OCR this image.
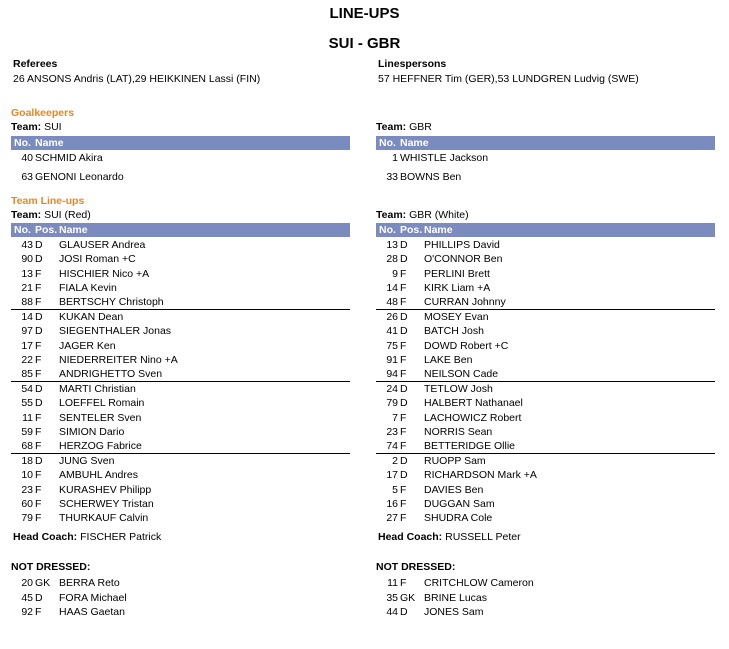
LINE-UPS
SUI - GBR
Referees
26 ANSONS Andris (LAT),29 HEIKKINEN Lassi (FIN)
Linespersons
57 HEFFNER Tim (GER),53 LUNDGREN Ludvig (SWE)
Goalkeepers
Team: SUI	Team: GBR
No. Name	No. Name
40 SCHMID Akira
63 GENONI Leonardo
1 WHISTLE Jackson
33 BOWNS Ben
Team Line-ups
Team: SUI (Red)	Team: GBR (White)
No. Pos. Name	No. Pos. Name
43 D GLAUSER Andrea
90 D JOSI Roman +C
13 F HISCHIER Nico +A
21 F FIALA Kevin
88 F BERTSCHY Christoph
14 D KUKAN Dean
97 D SIEGENTHALER Jonas
17 F JAGER Ken
22 F NIEDERREITER Nino +A
85 F ANDRIGHETTO Sven
54 D MARTI Christian
55 D LOEFFEL Romain
11 F SENTELER Sven
59 F SIMION Dario
68 F HERZOG Fabrice
18 D JUNG Sven
10 F AMBUHL Andres
23 F KURASHEV Philipp
60 F SCHERWEY Tristan
79 F THURKAUF Calvin
13 D PHILLIPS David
28 D O'CONNOR Ben
9 F PERLINI Brett
14 F KIRK Liam +A
48 F CURRAN Johnny
26 D MOSEY Evan
41 D BATCH Josh
75 F DOWD Robert +C
91 F LAKE Ben
94 F NEILSON Cade
24 D TETLOW Josh
79 D HALBERT Nathanael
7 F LACHOWICZ Robert
23 F NORRIS Sean
74 F BETTERIDGE Ollie
2 D RUOPP Sam
17 D RICHARDSON Mark +A
5 F DAVIES Ben
16 F DUGGAN Sam
27 F SHUDRA Cole
Head Coach: FISCHER Patrick	Head Coach: RUSSELL Peter
NOT DRESSED:	NOT DRESSED:
20 GK BERRA Reto
45 D FORA Michael
92 F HAAS Gaetan
11 F CRITCHLOW Cameron
35 GK BRINE Lucas
44 D JONES Sam
